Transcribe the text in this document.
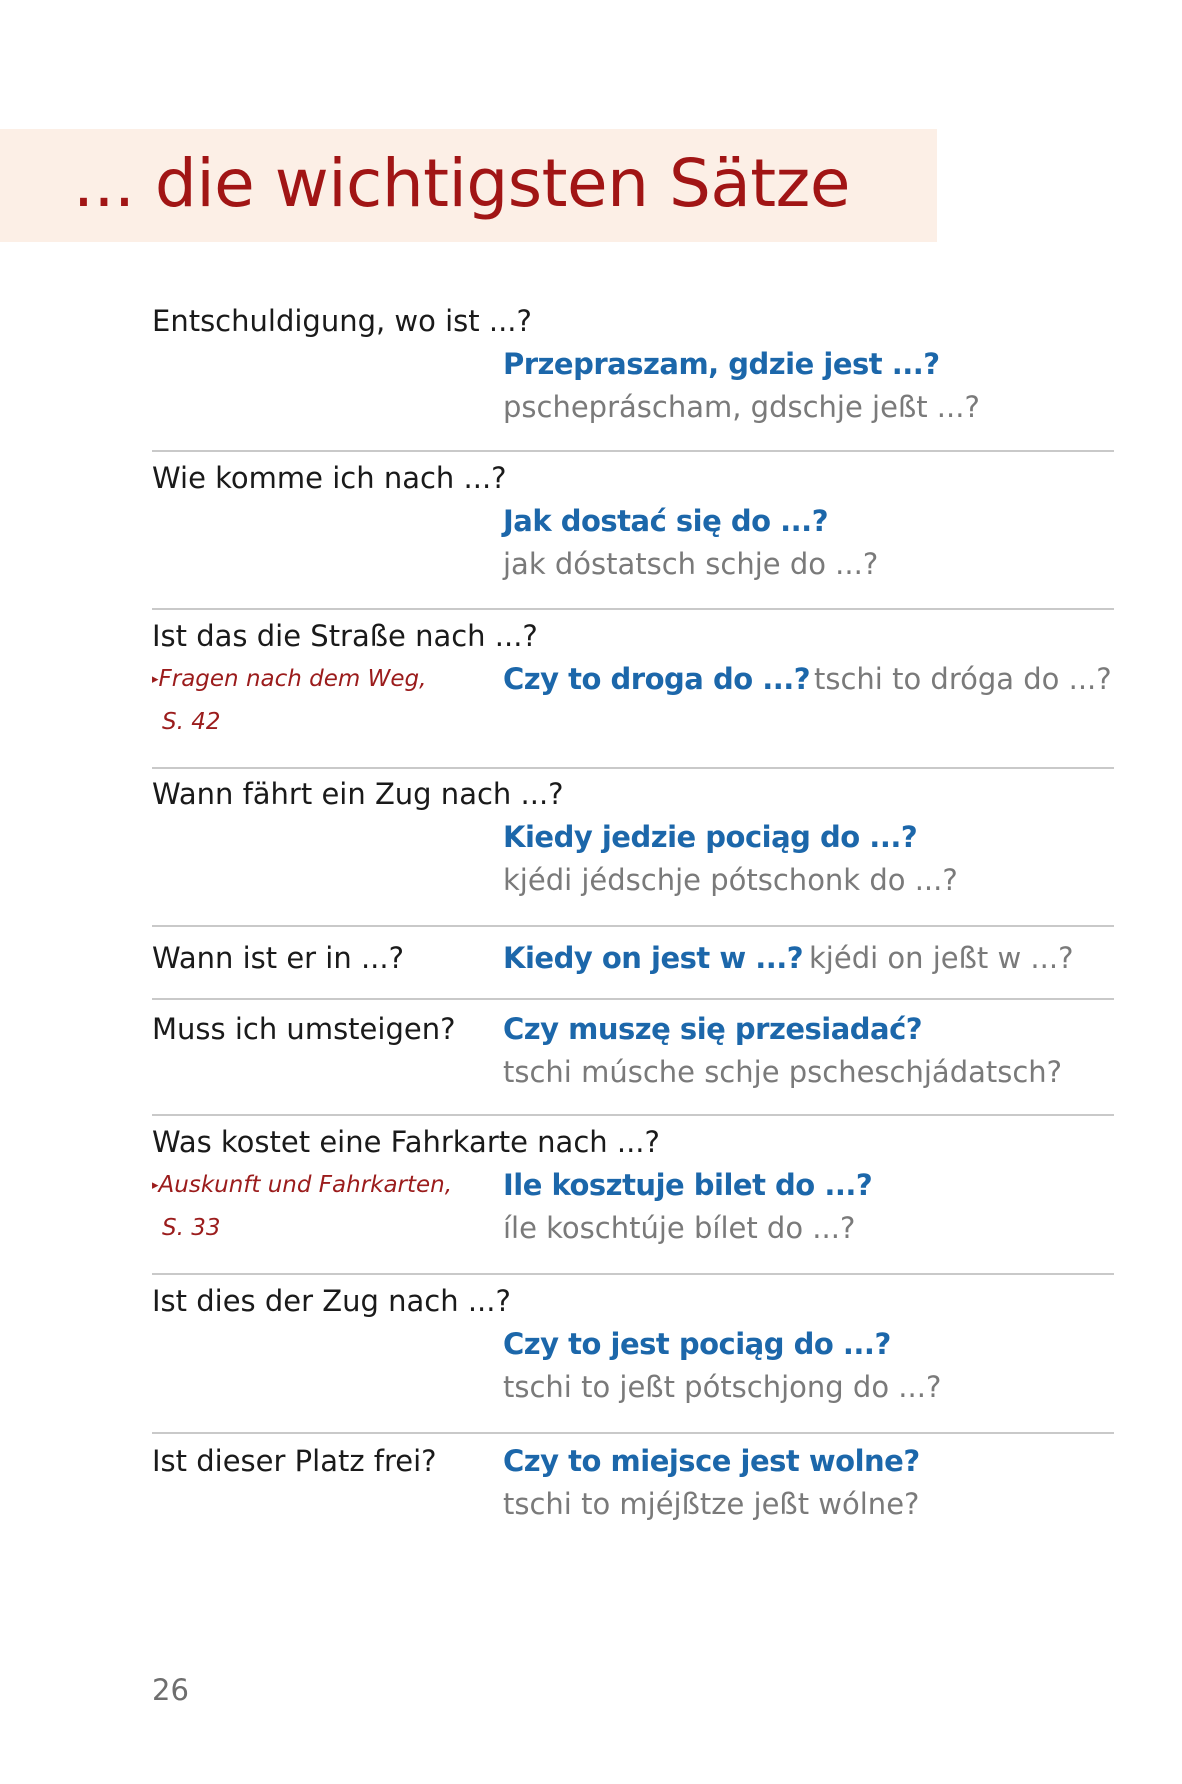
... die wichtigsten Sätze
Entschuldigung, wo ist ...?
Przepraszam, gdzie jest ...?
pschepráscham, gdschje jeßt ...?
Wie komme ich nach ...?
Jak dostać się do ...?
jak dóstatsch schje do ...?
Ist das die Straße nach ...?
▸Fragen nach dem Weg,
S. 42
Czy to droga do ...? tschi to dróga do ...?
Wann fährt ein Zug nach ...?
Kiedy jedzie pociąg do ...?
kjédi jédschje pótschonk do ...?
Wann ist er in ...?	Kiedy on jest w ...? kjédi on jeßt w ...?
Muss ich umsteigen? Czy muszę się przesiadać?
tschi músche schje pscheschjádatsch?
Was kostet eine Fahrkarte nach ...?
▸Auskunft und Fahrkarten,
S. 33
Ile kosztuje bilet do ...?
íle koschtúje bílet do ...?
Ist dies der Zug nach ...?
Czy to jest pociąg do ...?
tschi to jeßt pótschjong do ...?
Ist dieser Platz frei? Czy to miejsce jest wolne?
tschi to mjéjßtze jeßt wólne?
26
